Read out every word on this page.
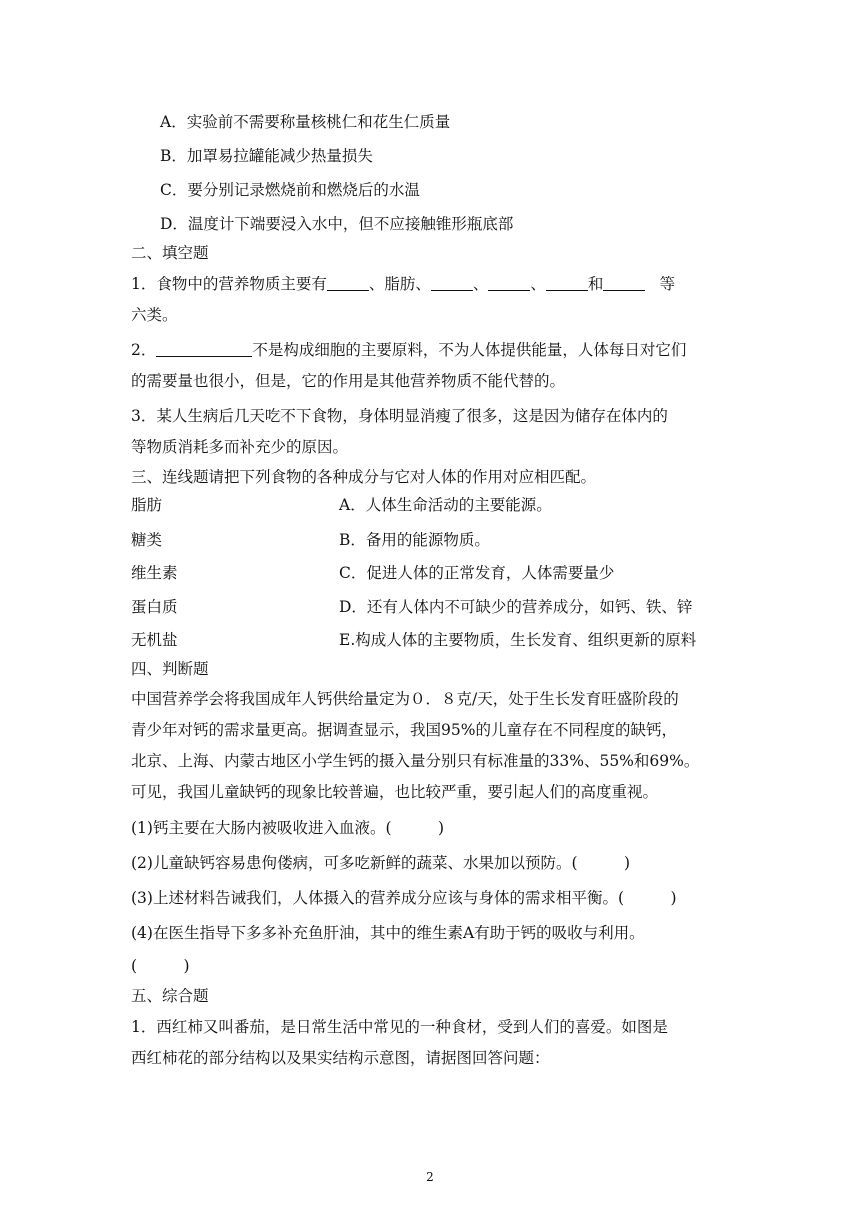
A．实验前不需要称量核桃仁和花生仁质量
B．加罩易拉罐能减少热量损失
C．要分别记录燃烧前和燃烧后的水温
D．温度计下端要浸入水中，但不应接触锥形瓶底部
二、填空题
1．食物中的营养物质主要有	、脂肪、	、	、	和	等
六类。
2．	不是构成细胞的主要原料，不为人体提供能量，人体每日对它们
的需要量也很小，但是，它的作用是其他营养物质不能代替的。
3．某人生病后几天吃不下食物，身体明显消瘦了很多，这是因为储存在体内的
等物质消耗多而补充少的原因。
三、连线题请把下列食物的各种成分与它对人体的作用对应相匹配。
脂肪	A．人体生命活动的主要能源。
糖类	B．备用的能源物质。
维生素	C．促进人体的正常发育，人体需要量少
蛋白质	D．还有人体内不可缺少的营养成分，如钙、铁、锌
无机盐	E.构成人体的主要物质，生长发育、组织更新的原料
四、判断题
中国营养学会将我国成年人钙供给量定为０．８克/天，处于生长发育旺盛阶段的
青少年对钙的需求量更高。据调查显示，我国95%的儿童存在不同程度的缺钙，
北京、上海、内蒙古地区小学生钙的摄入量分别只有标准量的33%、55%和69%。
可见，我国儿童缺钙的现象比较普遍，也比较严重，要引起人们的高度重视。
(1)钙主要在大肠内被吸收进入血液。(　　　)
(2)儿童缺钙容易患佝偻病，可多吃新鲜的蔬菜、水果加以预防。(　　　)
(3)上述材料告诫我们，人体摄入的营养成分应该与身体的需求相平衡。(　　　)
(4)在医生指导下多多补充鱼肝油，其中的维生素A有助于钙的吸收与利用。
(　　　)
五、综合题
1．西红柿又叫番茄，是日常生活中常见的一种食材，受到人们的喜爱。如图是
西红柿花的部分结构以及果实结构示意图，请据图回答问题：
2
